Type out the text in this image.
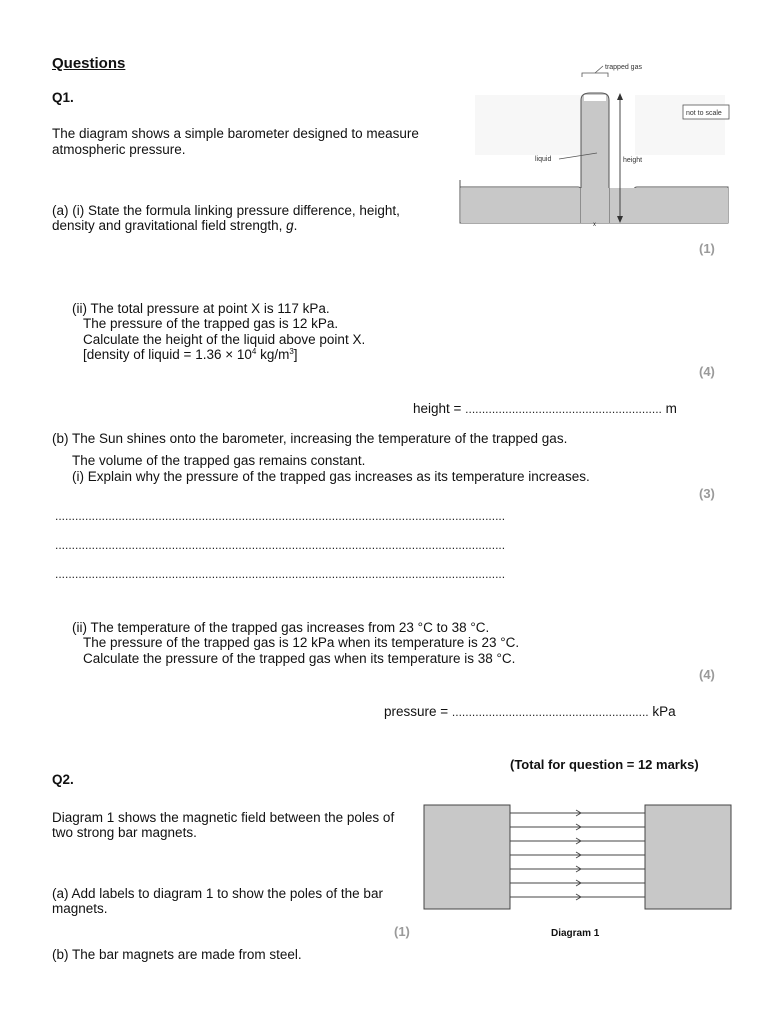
Questions
Q1.
The diagram shows a simple barometer designed to measure
atmospheric pressure.
(a) (i) State the formula linking pressure difference, height,
density and gravitational field strength, g.
(1)
trapped gas
not to scale
liquid	height
x
(ii) The total pressure at point X is 117 kPa.
The pressure of the trapped gas is 12 kPa.
Calculate the height of the liquid above point X.
[density of liquid = $1.36 \times 10^4$ $kg/m^3$]
(4)
height = ........................................................... m
(b) The Sun shines onto the barometer, increasing the temperature of the trapped gas.
The volume of the trapped gas remains constant.
(i) Explain why the pressure of the trapped gas increases as its temperature increases.
(3)
.......................................................................................................................................
.......................................................................................................................................
.......................................................................................................................................
(ii) The temperature of the trapped gas increases from 23 °C to 38 °C.
The pressure of the trapped gas is 12 kPa when its temperature is 23 °C.
Calculate the pressure of the trapped gas when its temperature is 38 °C.
(4)
pressure = ........................................................... kPa
(Total for question = 12 marks)
Q2.
Diagram 1 shows the magnetic field between the poles of
two strong bar magnets.
(a) Add labels to diagram 1 to show the poles of the bar
magnets.
(1)
(b) The bar magnets are made from steel.
Diagram 1
